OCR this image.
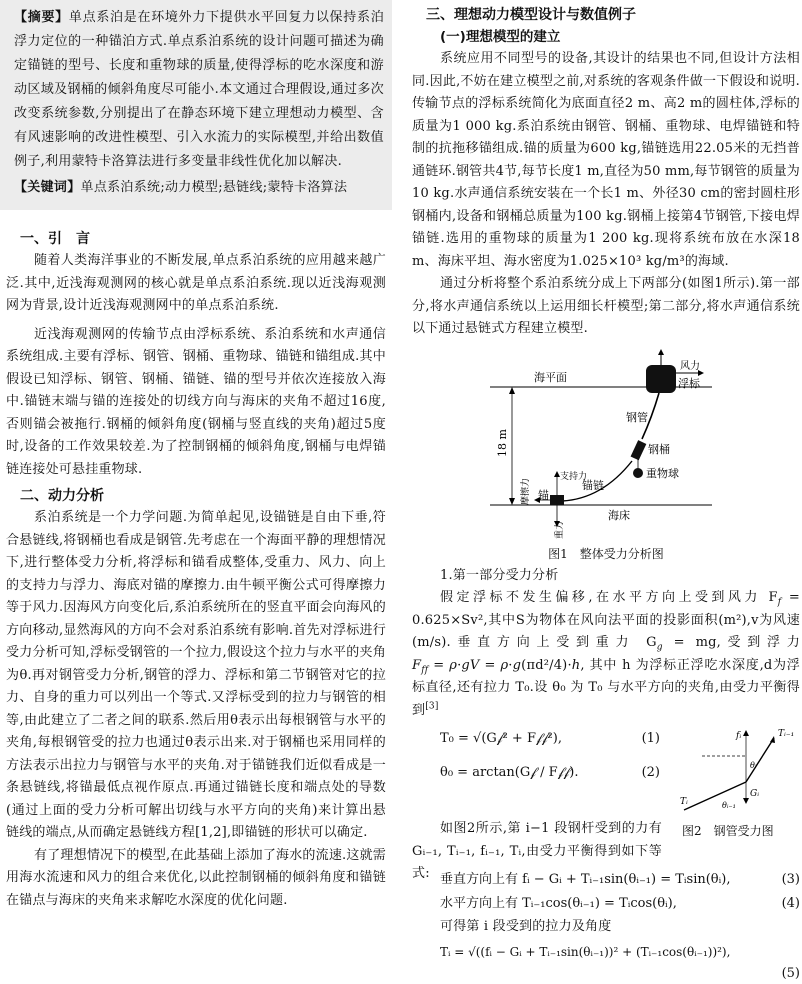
【摘要】单点系泊是在环境外力下提供水平回复力以保持系泊浮力定位的一种锚泊方式.单点系泊系统的设计问题可描述为确定锚链的型号、长度和重物球的质量,使得浮标的吃水深度和游动区域及钢桶的倾斜角度尽可能小.本文通过合理假设,通过多次改变系统参数,分别提出了在静态环境下建立理想动力模型、含有风速影响的改进性模型、引入水流力的实际模型,并给出数值例子,利用蒙特卡洛算法进行多变量非线性优化加以解决.
【关键词】单点系泊系统;动力模型;悬链线;蒙特卡洛算法
一、引　言

随着人类海洋事业的不断发展,单点系泊系统的应用越来越广泛.其中,近浅海观测网的核心就是单点系泊系统.现以近浅海观测网为背景,设计近浅海观测网中的单点系泊系统.

近浅海观测网的传输节点由浮标系统、系泊系统和水声通信系统组成.主要有浮标、钢管、钢桶、重物球、锚链和锚组成.其中假设已知浮标、钢管、钢桶、锚链、锚的型号并依次连接放入海中.锚链末端与锚的连接处的切线方向与海床的夹角不超过16度,否则锚会被拖行.钢桶的倾斜角度(钢桶与竖直线的夹角)超过5度时,设备的工作效果较差.为了控制钢桶的倾斜角度,钢桶与电焊锚链连接处可悬挂重物球.

二、动力分析

系泊系统是一个力学问题.为简单起见,设锚链是自由下垂,符合悬链线,将钢桶也看成是钢管.先考虑在一个海面平静的理想情况下,进行整体受力分析,将浮标和锚看成整体,受重力、风力、向上的支持力与浮力、海底对锚的摩擦力.由牛顿平衡公式可得摩擦力等于风力.因海风方向变化后,系泊系统所在的竖直平面会向海风的方向移动,显然海风的方向不会对系泊系统有影响.首先对浮标进行受力分析可知,浮标受钢管的一个拉力,假设这个拉力与水平的夹角为θ.再对钢管受力分析,钢管的浮力、浮标和第二节钢管对它的拉力、自身的重力可以列出一个等式.又浮标受到的拉力与钢管的相等,由此建立了二者之间的联系.然后用θ表示出每根钢管与水平的夹角,每根钢管受的拉力也通过θ表示出来.对于钢桶也采用同样的方法表示出拉力与钢管与水平的夹角.对于锚链我们近似看成是一条悬链线,将锚最低点视作原点.再通过锚链长度和端点处的导数(通过上面的受力分析可解出切线与水平方向的夹角)来计算出悬链线的端点,从而确定悬链线方程[1,2],即锚链的形状可以确定.

有了理想情况下的模型,在此基础上添加了海水的流速.这就需用海水流速和风力的组合来优化,以此控制钢桶的倾斜角度和锚链在锚点与海床的夹角来求解吃水深度的优化问题.

三、理想动力模型设计与数值例子
(一)理想模型的建立

系统应用不同型号的设备,其设计的结果也不同,但设计方法相同.因此,不妨在建立模型之前,对系统的客观条件做一下假设和说明.传输节点的浮标系统简化为底面直径2 m、高2 m的圆柱体,浮标的质量为1 000 kg.系泊系统由钢管、钢桶、重物球、电焊锚链和特制的抗拖移锚组成.锚的质量为600 kg,锚链选用22.05米的无挡普通链环.钢管共4节,每节长度1 m,直径为50 mm,每节钢管的质量为10 kg.水声通信系统安装在一个长1 m、外径30 cm的密封圆柱形钢桶内,设备和钢桶总质量为100 kg.钢桶上接第4节钢管,下接电焊锚链.选用的重物球的质量为1 200 kg.现将系统布放在水深18 m、海床平坦、海水密度为1.025×10³ kg/m³的海域.

通过分析将整个系泊系统分成上下两部分(如图1所示).第一部分,将水声通信系统以上运用细长杆模型;第二部分,将水声通信系统以下通过悬链式方程建立模型.

海平面
风力
浮标
钢管
钢桶
重物球
锚链
支持力
锚
海床
18 m
摩擦力
重力
图1　整体受力分析图
1.第一部分受力分析

假定浮标不发生偏移,在水平方向上受到风力 $F_f = 0.625\times Sv^2$,其中S为物体在风向法平面的投影面积(m²),v为风速(m/s).垂直方向上受到重力 $G_g$ = mg,受到浮力 $F_{ff} = \rho\cdot gV = \rho\cdot g(\pi d^2/4)\cdot h$, 其中 h 为浮标正浮吃水深度,d为浮标直径,还有拉力 T₀.设 θ₀ 为 T₀ 与水平方向的夹角,由受力平衡得到[3]

T₀ = √(G𝒻² + F𝒻𝒻²),	(1)
θ₀ = arctan(G𝒻 / F𝒻𝒻).	(2)
fᵢ	Tᵢ₋₁
θᵢ
Gᵢ
θᵢ₋₁
Tᵢ

如图2所示,第 i−1 段钢杆受到的力有 Gᵢ₋₁, Tᵢ₋₁, fᵢ₋₁, Tᵢ,由受力平衡得到如下等式:

图2　钢管受力图
垂直方向上有 fᵢ − Gᵢ + Tᵢ₋₁sin(θᵢ₋₁) = Tᵢsin(θᵢ),	(3)
水平方向上有 Tᵢ₋₁cos(θᵢ₋₁) = Tᵢcos(θᵢ),	(4)
可得第 i 段受到的拉力及角度
Tᵢ = √((fᵢ − Gᵢ + Tᵢ₋₁sin(θᵢ₋₁))² + (Tᵢ₋₁cos(θᵢ₋₁))²),
(5)
